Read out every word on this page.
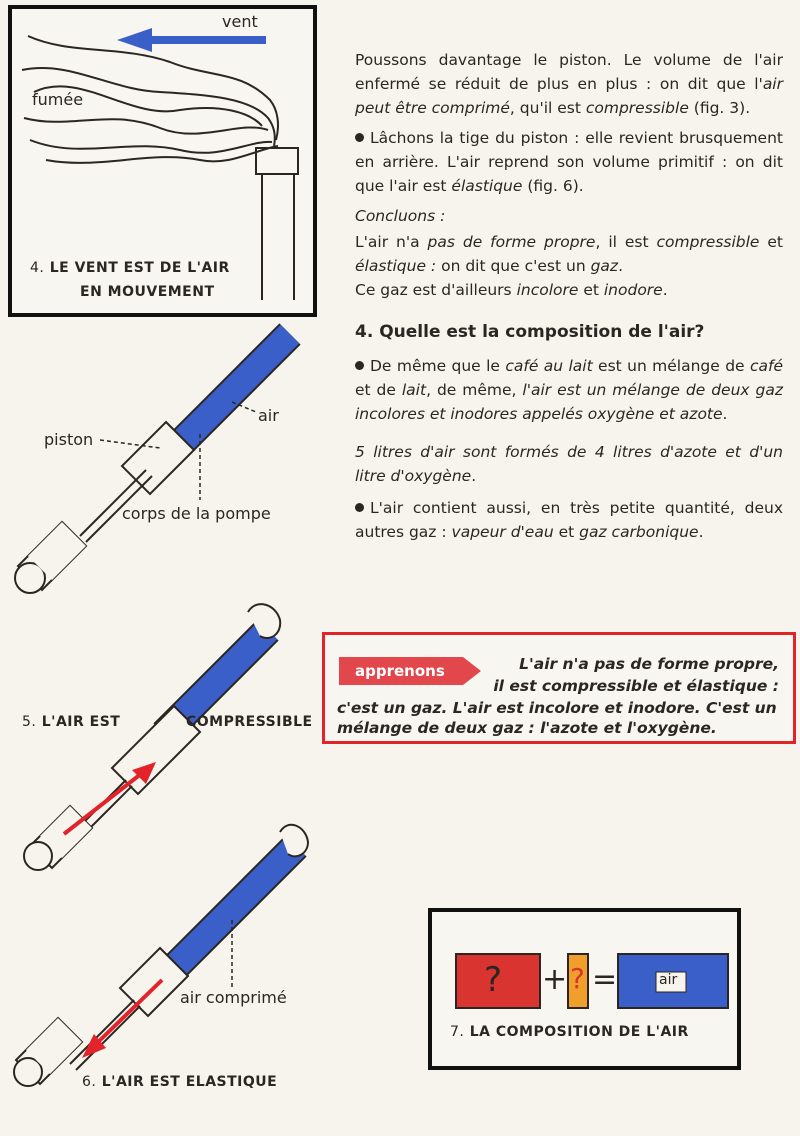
vent
fumée
4. LE VENT EST DE L'AIR
EN MOUVEMENT
air
piston
corps de la pompe
5. L'AIR EST	COMPRESSIBLE
air comprimé
6. L'AIR EST ELASTIQUE
? + ? =	air
7. LA COMPOSITION DE L'AIR

Poussons davantage le piston. Le volume de l'air enfermé se réduit de plus en plus : on dit que l'air peut être comprimé, qu'il est compressible (fig. 3).

Lâchons la tige du piston : elle revient brusquement en arrière. L'air reprend son volume primitif : on dit que l'air est élastique (fig. 6).

Concluons :

L'air n'a pas de forme propre, il est compressible et élastique : on dit que c'est un gaz.

Ce gaz est d'ailleurs incolore et inodore.

4. Quelle est la composition de l'air?

De même que le café au lait est un mélange de café et de lait, de même, l'air est un mélange de deux gaz incolores et inodores appelés oxygène et azote.

5 litres d'air sont formés de 4 litres d'azote et d'un litre d'oxygène.

L'air contient aussi, en très petite quantité, deux autres gaz : vapeur d'eau et gaz carbonique.

apprenons	L'air n'a pas de forme propre,
il est compressible et élastique :
c'est un gaz. L'air est incolore et inodore. C'est un
mélange de deux gaz : l'azote et l'oxygène.
